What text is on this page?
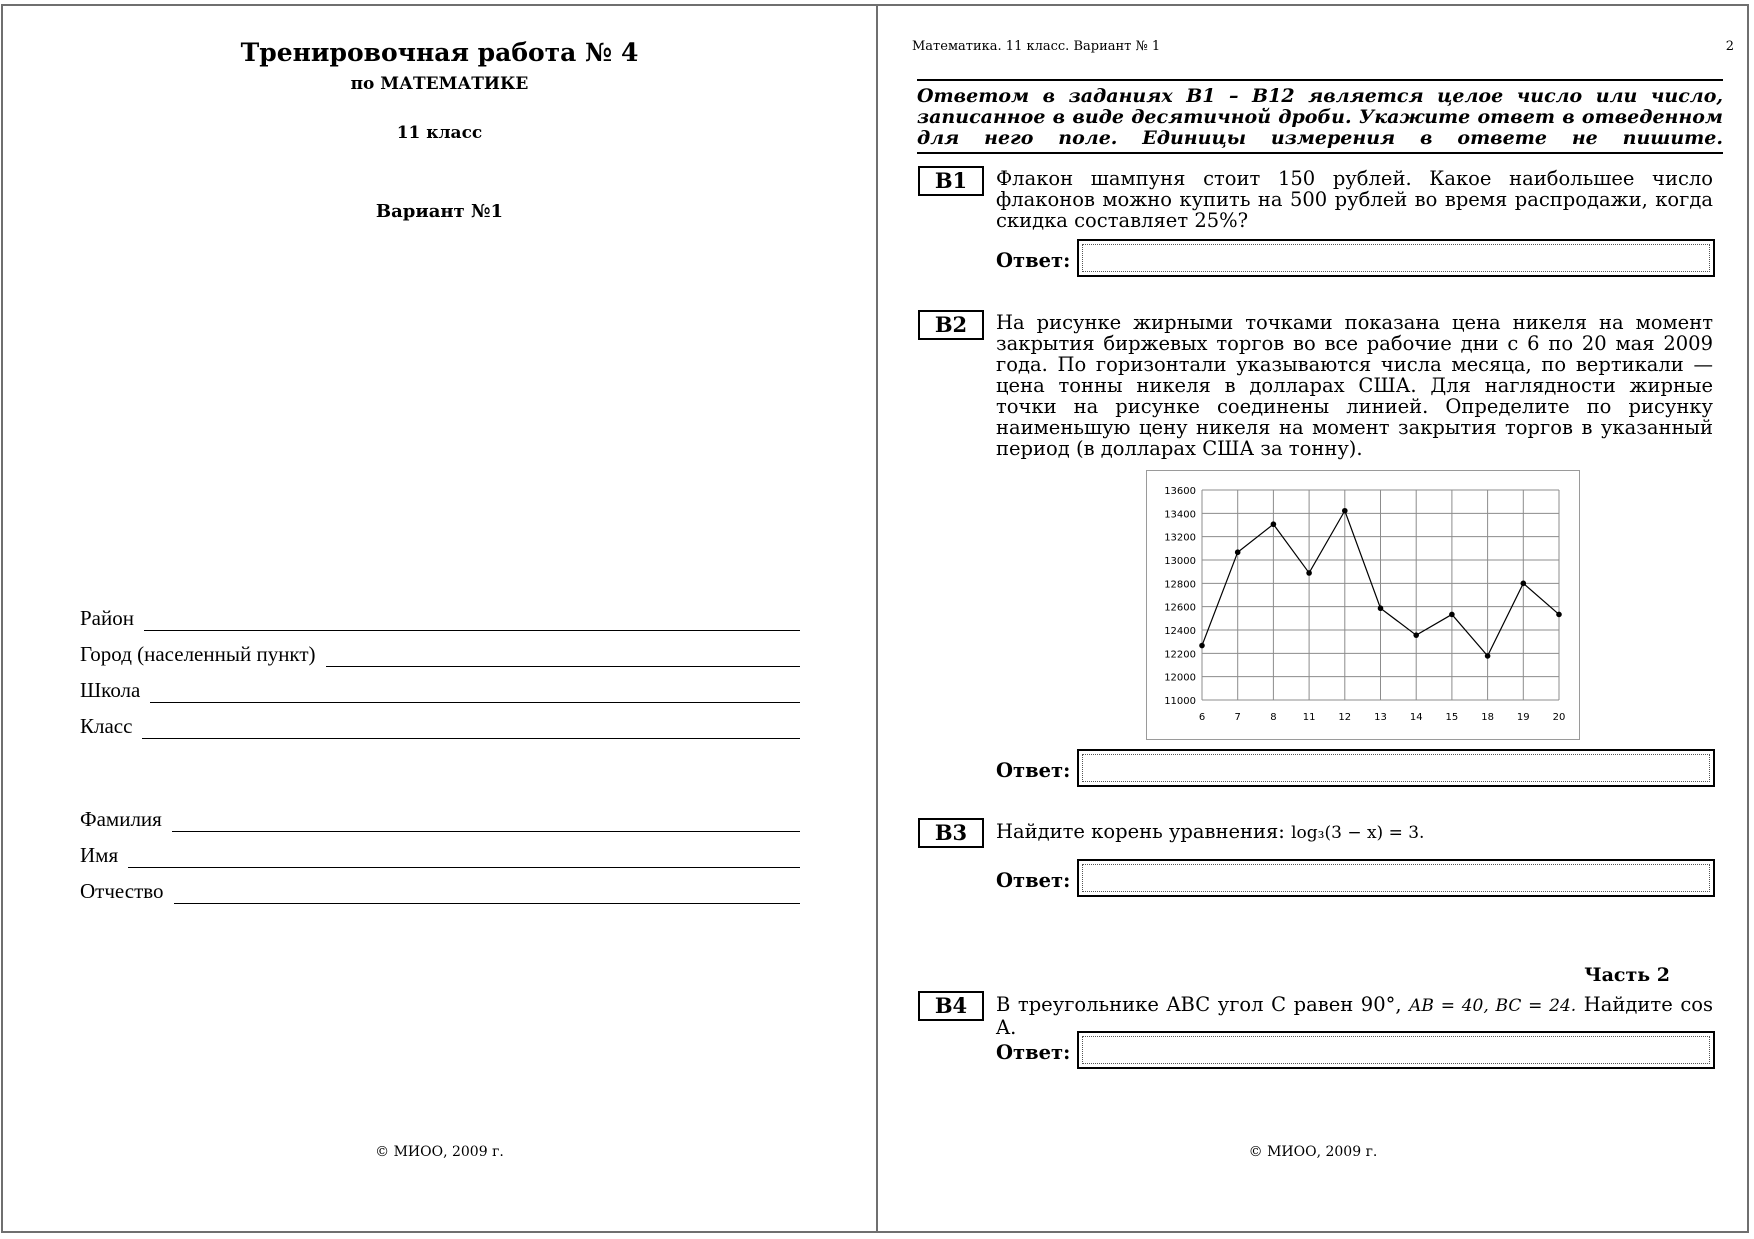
Тренировочная работа № 4
по МАТЕМАТИКЕ
11 класс
Вариант №1
Район
Город (населенный пункт)
Школа
Класс
Фамилия
Имя
Отчество
© МИОО, 2009 г.
Математика. 11 класс. Вариант № 1	2
Ответом в заданиях В1 – В12 является целое число или число, записанное в виде десятичной дроби. Укажите ответ в отведенном для него поле. Единицы измерения в ответе не пишите.
В1	Флакон шампуня стоит 150 рублей. Какое наибольшее число флаконов можно купить на 500 рублей во время распродажи, когда скидка составляет 25%?
Ответ:
В2	На рисунке жирными точками показана цена никеля на момент закрытия биржевых торгов во все рабочие дни с 6 по 20 мая 2009 года. По горизонтали указываются числа месяца, по вертикали — цена тонны никеля в долларах США. Для наглядности жирные точки на рисунке соединены линией. Определите по рисунку наименьшую цену никеля на момент закрытия торгов в указанный период (в долларах США за тонну).
11000
12000
12200
12400
12600
12800
13000
13200
13400
13600
6	7	8	11 12 13 14 15 18 19 20
Ответ:
В3	Найдите корень уравнения: log₃(3 − x) = 3.
Ответ:
Часть 2
В4	В треугольнике ABC угол С равен 90°, AB = 40, BC = 24. Найдите cos A.
Ответ:
© МИОО, 2009 г.
